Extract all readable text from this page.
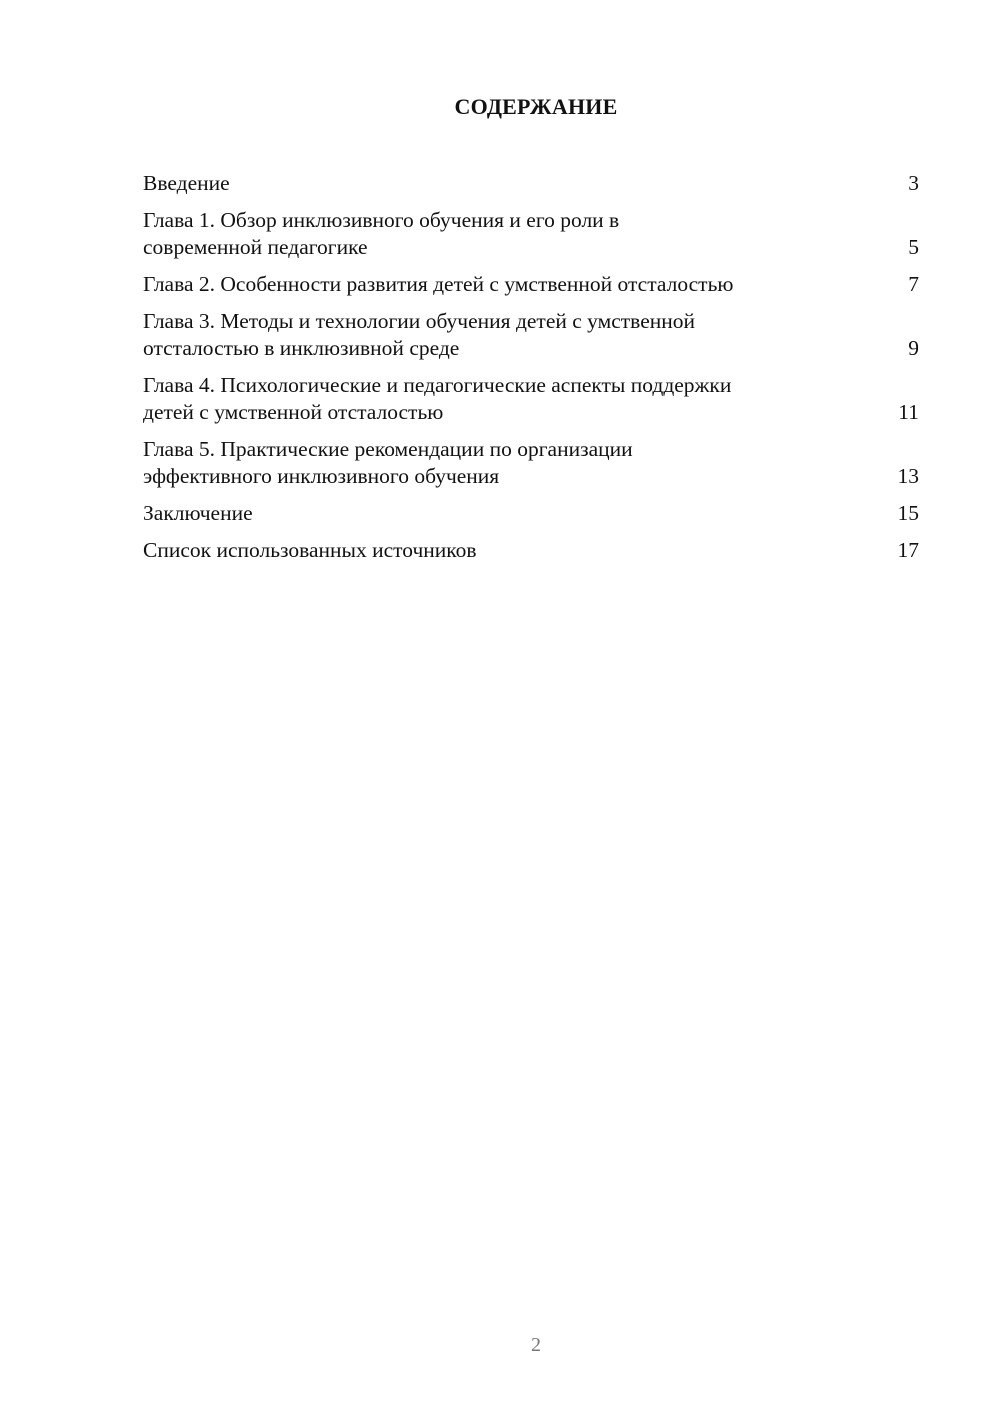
СОДЕРЖАНИЕ
Введение	3
Глава 1. Обзор инклюзивного обучения и его роли в
современной педагогике	5
Глава 2. Особенности развития детей с умственной отсталостью	7
Глава 3. Методы и технологии обучения детей с умственной
отсталостью в инклюзивной среде	9
Глава 4. Психологические и педагогические аспекты поддержки
детей с умственной отсталостью	11
Глава 5. Практические рекомендации по организации
эффективного инклюзивного обучения	13
Заключение	15
Список использованных источников	17
2
